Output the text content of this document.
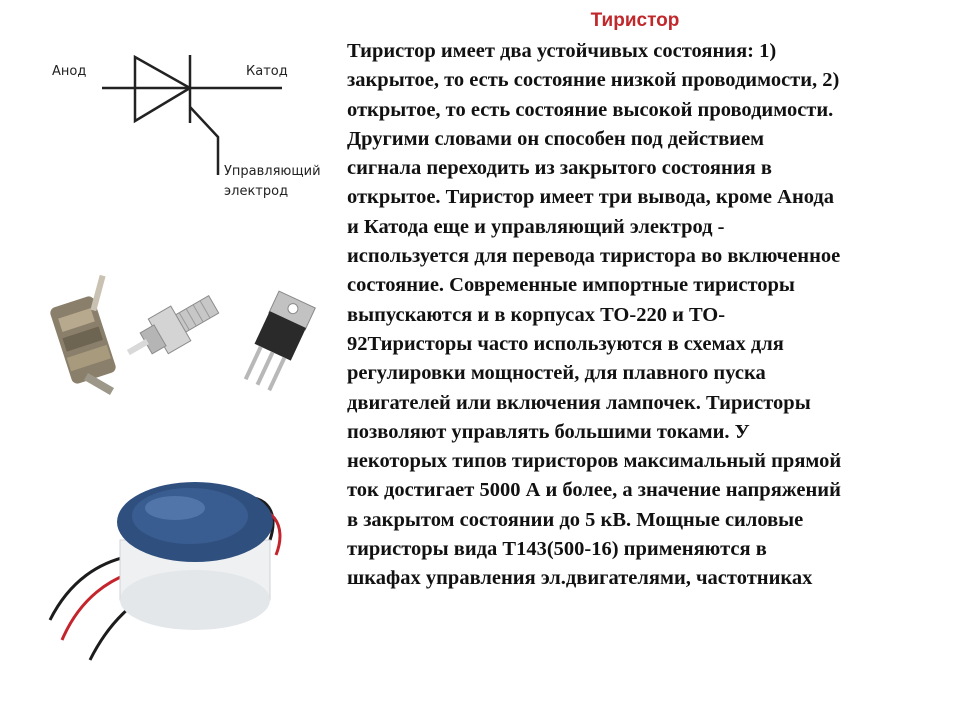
Тиристор
Тиристор имеет два устойчивых состояния: 1)
закрытое, то есть состояние низкой проводимости, 2)
открытое, то есть состояние высокой проводимости.
Другими словами он способен под действием
сигнала переходить из закрытого состояния в
открытое. Тиристор имеет три вывода, кроме Анода
и Катода еще и управляющий электрод -
используется для перевода тиристора во включенное
состояние. Современные импортные тиристоры
выпускаются и в корпусах TO-220 и TO-
92Тиристоры часто используются в схемах для
регулировки мощностей, для плавного пуска
двигателей или включения лампочек. Тиристоры
позволяют управлять большими токами. У
некоторых типов тиристоров максимальный прямой
ток достигает 5000 А и более, а значение напряжений
в закрытом состоянии до 5 кВ. Мощные силовые
тиристоры вида Т143(500-16) применяются в
шкафах управления эл.двигателями, частотниках
Анод	Катод
Управляющий
электрод
